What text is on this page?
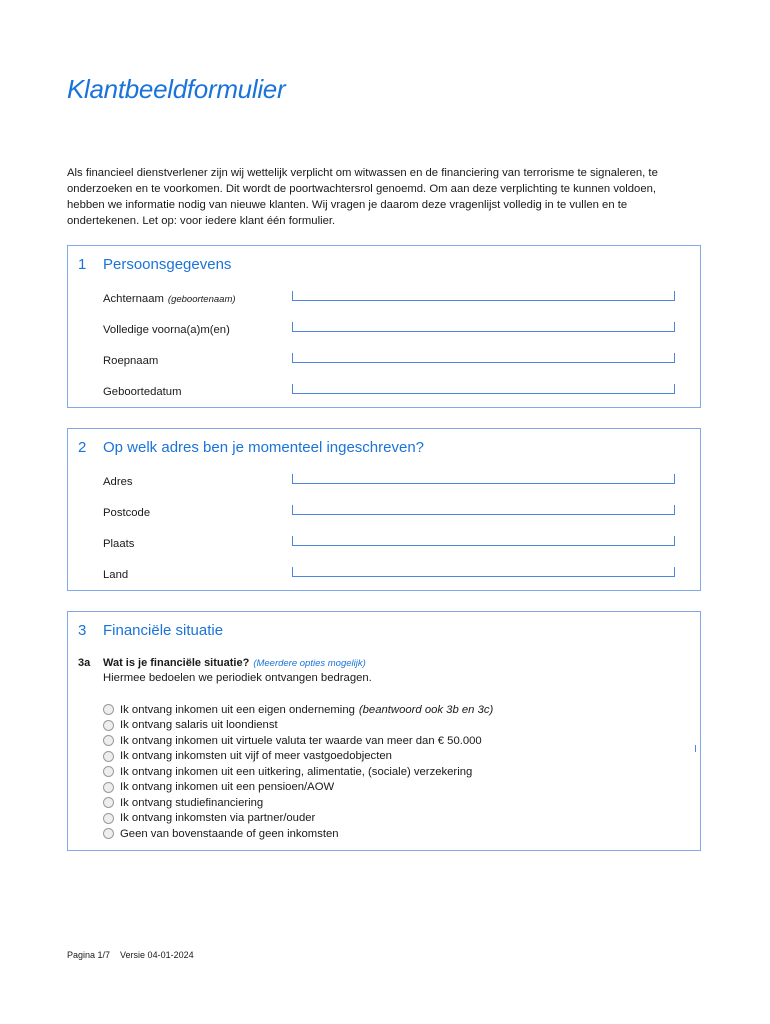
Klantbeeldformulier

Als financieel dienstverlener zijn wij wettelijk verplicht om witwassen en de financiering van terrorisme te signaleren, te onderzoeken en te voorkomen. Dit wordt de poortwachtersrol genoemd. Om aan deze verplichting te kunnen voldoen, hebben we informatie nodig van nieuwe klanten. Wij vragen je daarom deze vragenlijst volledig in te vullen en te ondertekenen. Let op: voor iedere klant één formulier.

1 Persoonsgegevens
Achternaam (geboortenaam)
Volledige voorna(a)m(en)
Roepnaam
Geboortedatum
2 Op welk adres ben je momenteel ingeschreven?
Adres
Postcode
Plaats
Land
3 Financiële situatie
3a Wat is je financiële situatie? (Meerdere opties mogelijk)
Hiermee bedoelen we periodiek ontvangen bedragen.
Ik ontvang inkomen uit een eigen onderneming (beantwoord ook 3b en 3c)
Ik ontvang salaris uit loondienst
Ik ontvang inkomen uit virtuele valuta ter waarde van meer dan € 50.000
Ik ontvang inkomsten uit vijf of meer vastgoedobjecten
Ik ontvang inkomen uit een uitkering, alimentatie, (sociale) verzekering
Ik ontvang inkomen uit een pensioen/AOW
Ik ontvang studiefinanciering
Ik ontvang inkomsten via partner/ouder
Geen van bovenstaande of geen inkomsten
Pagina 1/7 Versie 04-01-2024
